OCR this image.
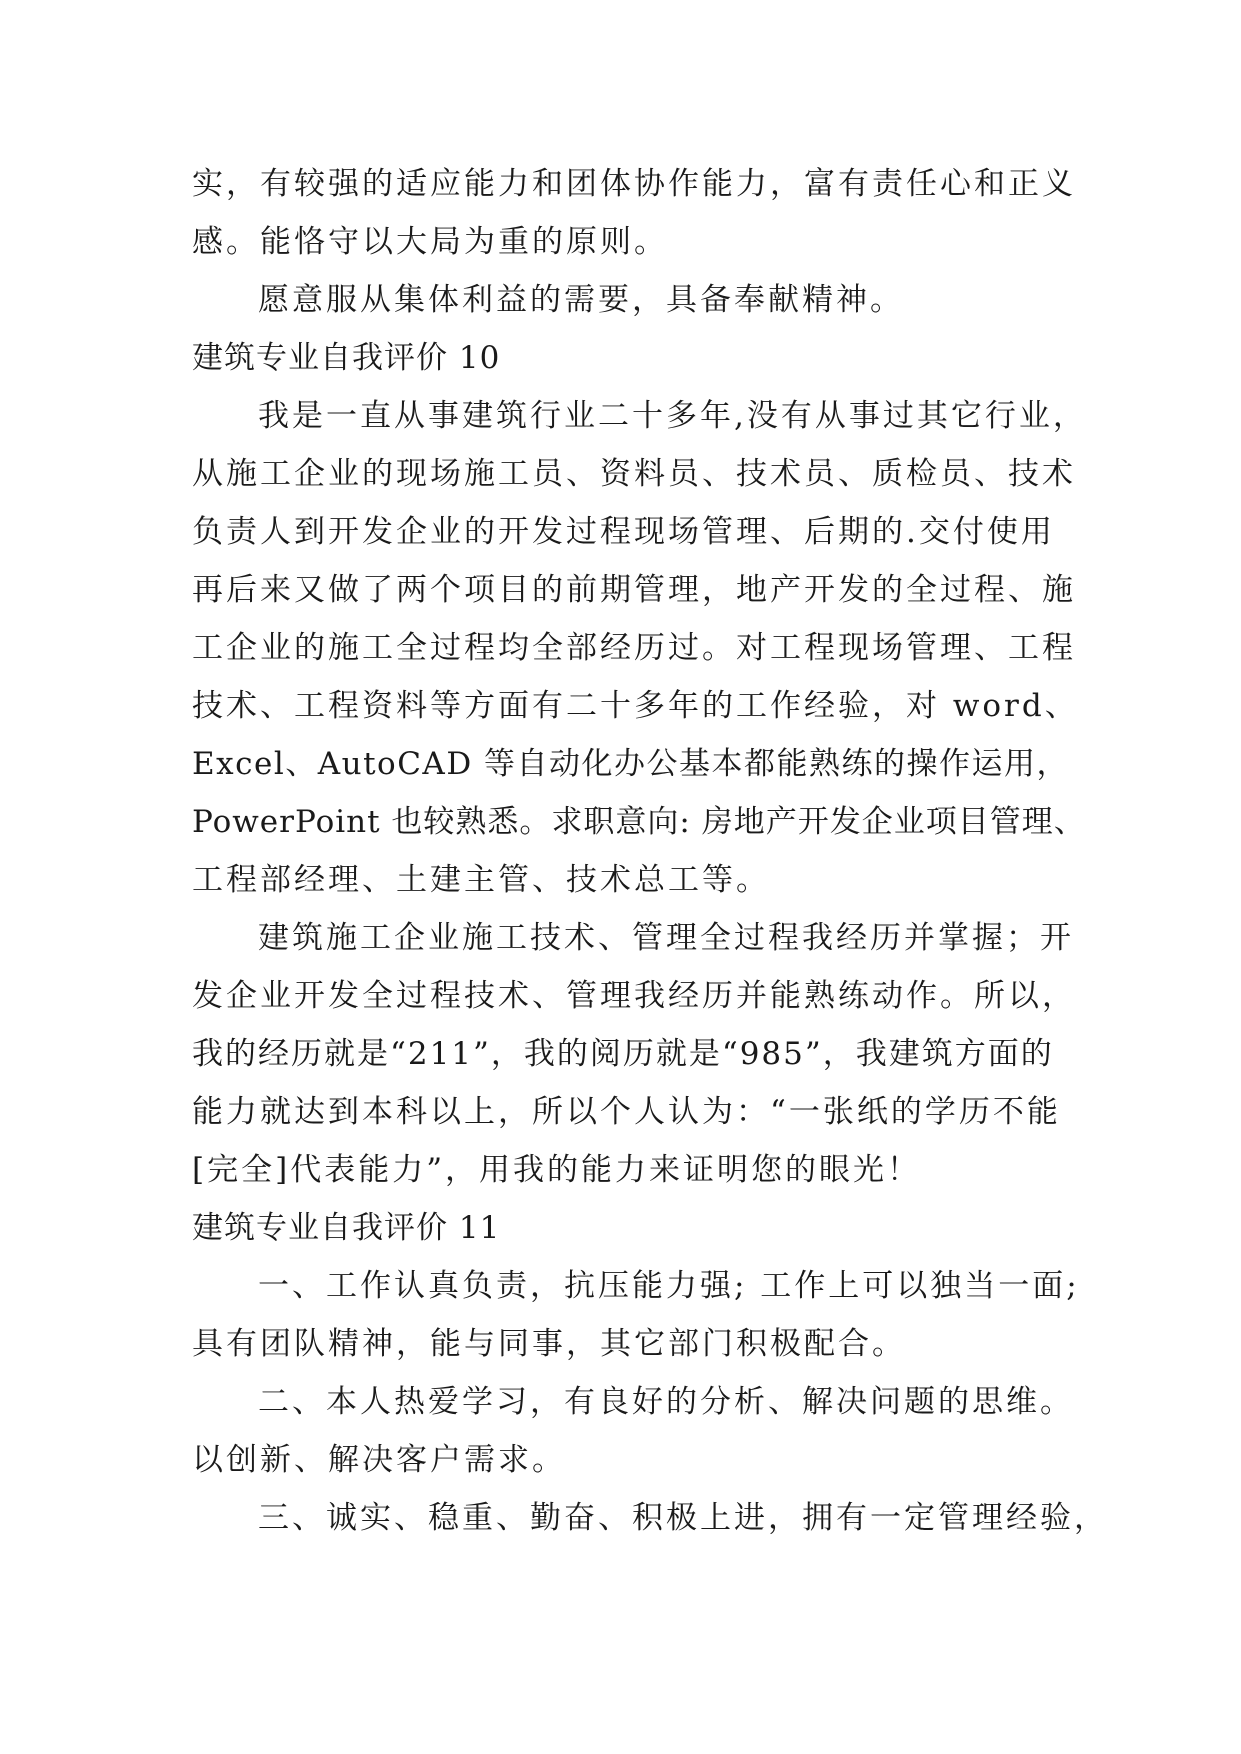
实，有较强的适应能力和团体协作能力，富有责任心和正义
感。能恪守以大局为重的原则。
愿意服从集体利益的需要，具备奉献精神。
建筑专业自我评价 10
我是一直从事建筑行业二十多年,没有从事过其它行业，
从施工企业的现场施工员、资料员、技术员、质检员、技术
负责人到开发企业的开发过程现场管理、后期的.交付使用
再后来又做了两个项目的前期管理，地产开发的全过程、施
工企业的施工全过程均全部经历过。对工程现场管理、工程
技术、工程资料等方面有二十多年的工作经验，对 word、
Excel、AutoCAD 等自动化办公基本都能熟练的操作运用，
PowerPoint 也较熟悉。求职意向: 房地产开发企业项目管理、
工程部经理、土建主管、技术总工等。
建筑施工企业施工技术、管理全过程我经历并掌握；开
发企业开发全过程技术、管理我经历并能熟练动作。所以，
我的经历就是“211”，我的阅历就是“985”，我建筑方面的
能力就达到本科以上，所以个人认为：“一张纸的学历不能
[完全]代表能力”，用我的能力来证明您的眼光！
建筑专业自我评价 11
一、工作认真负责，抗压能力强; 工作上可以独当一面;
具有团队精神，能与同事，其它部门积极配合。
二、本人热爱学习，有良好的分析、解决问题的思维。
以创新、解决客户需求。
三、诚实、稳重、勤奋、积极上进，拥有一定管理经验，
